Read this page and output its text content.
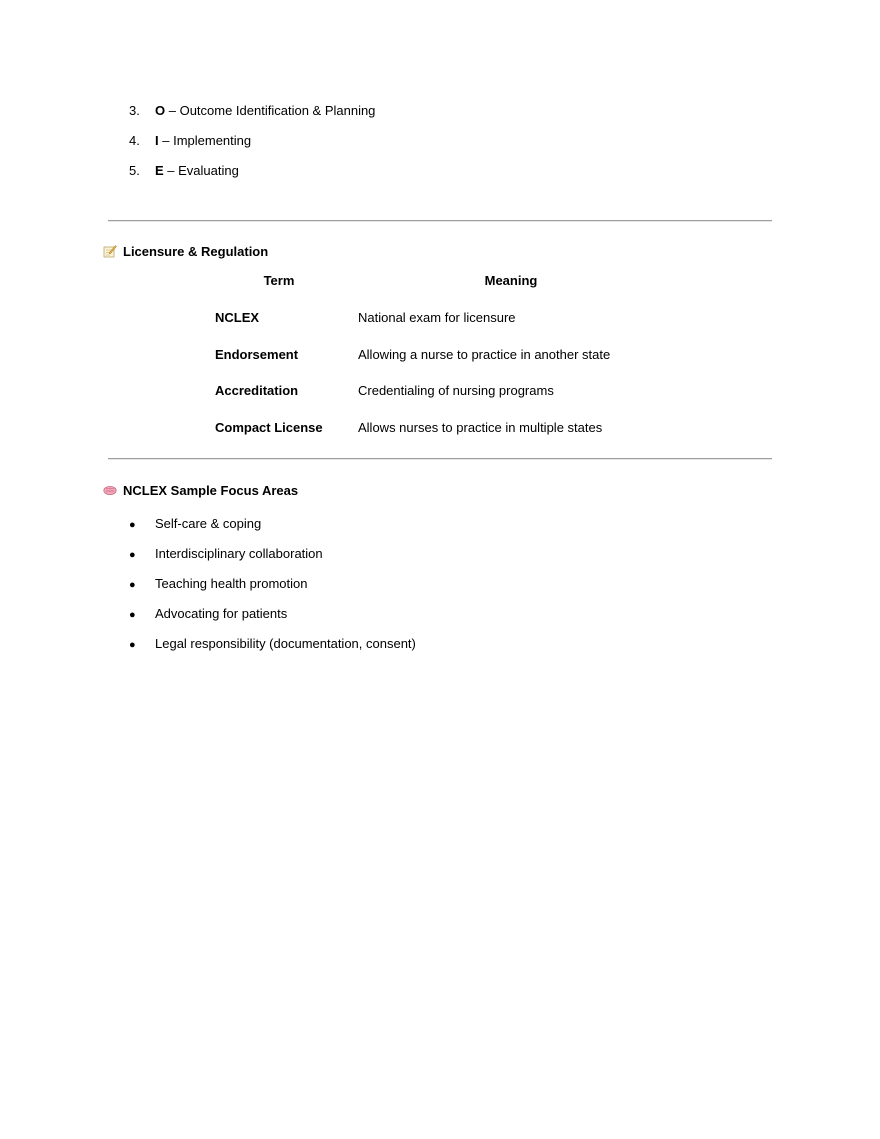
3. O – Outcome Identification & Planning
4. I – Implementing
5. E – Evaluating
Licensure & Regulation
Term	Meaning
NCLEX	National exam for licensure
Endorsement	Allowing a nurse to practice in another state
Accreditation	Credentialing of nursing programs
Compact License	Allows nurses to practice in multiple states
NCLEX Sample Focus Areas
● Self-care & coping
● Interdisciplinary collaboration
● Teaching health promotion
● Advocating for patients
● Legal responsibility (documentation, consent)
